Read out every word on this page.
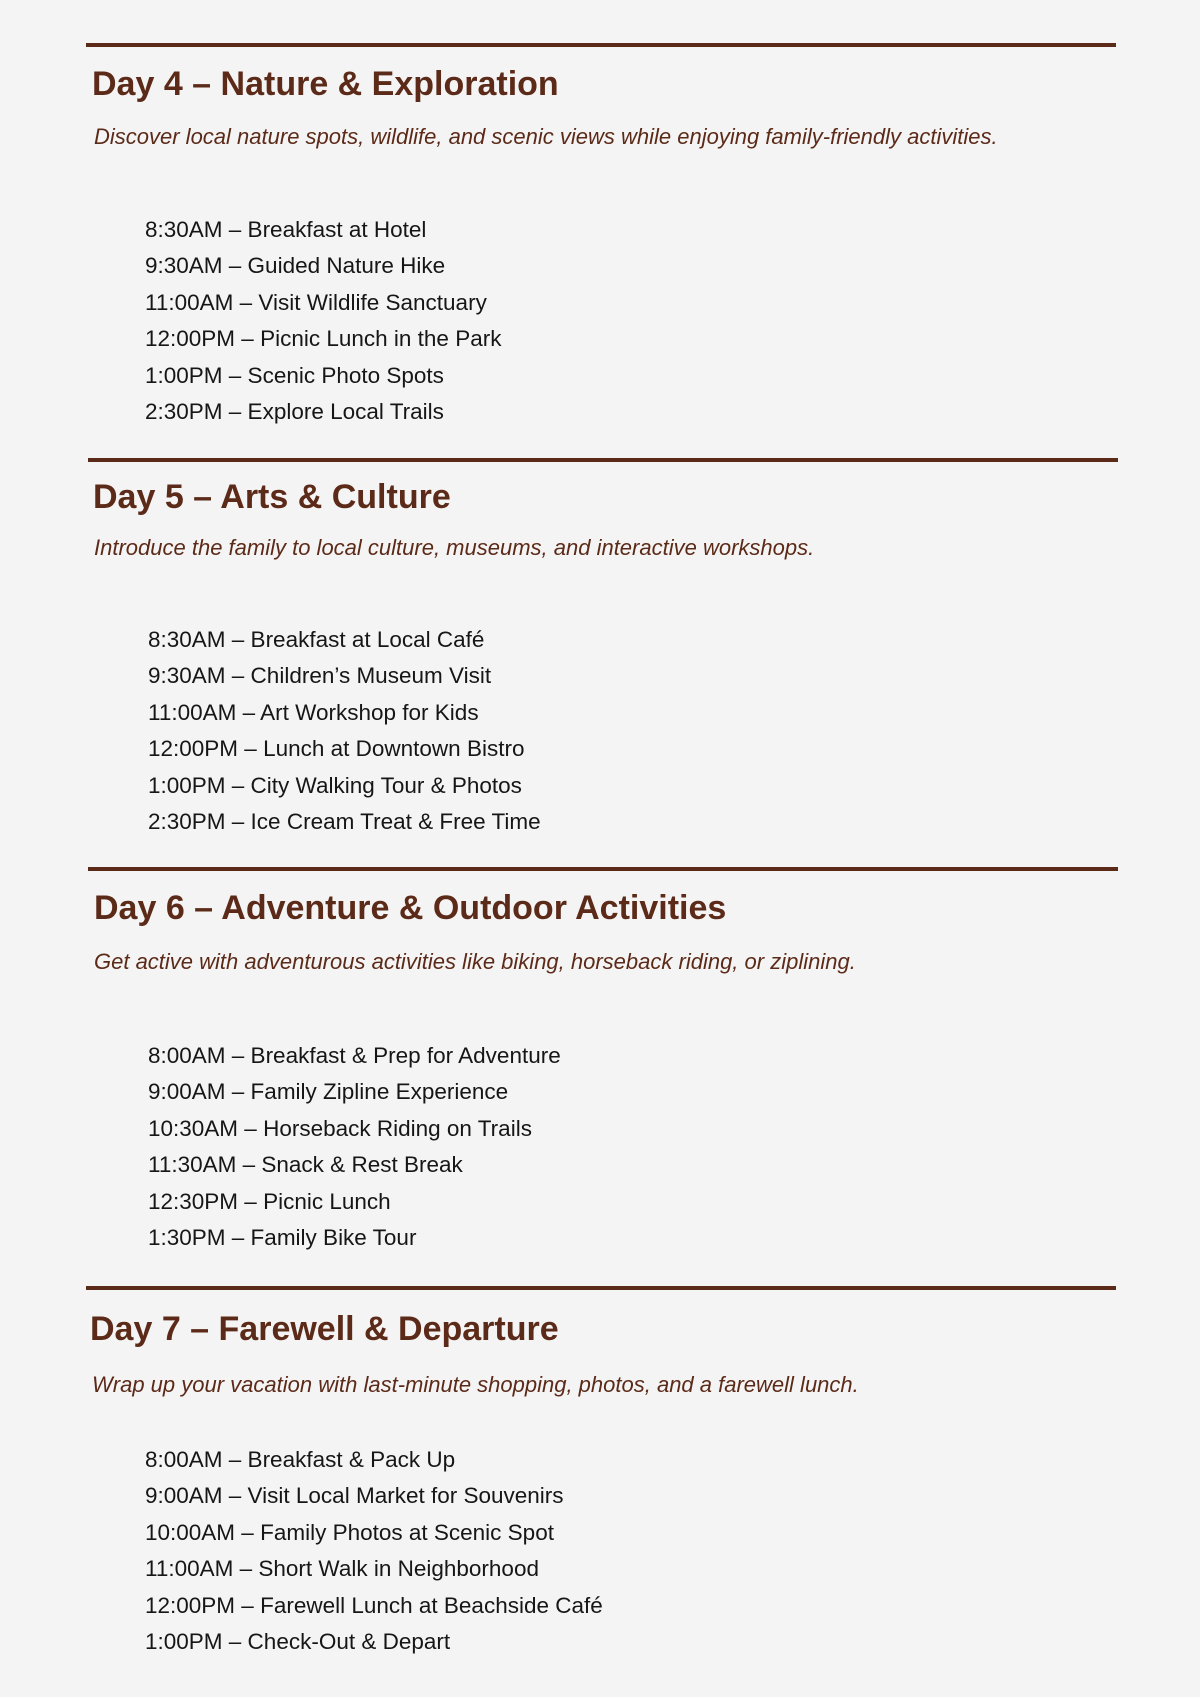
Day 4 – Nature & Exploration

Discover local nature spots, wildlife, and scenic views while enjoying family-friendly activities.

8:30AM – Breakfast at Hotel
9:30AM – Guided Nature Hike
11:00AM – Visit Wildlife Sanctuary
12:00PM – Picnic Lunch in the Park
1:00PM – Scenic Photo Spots
2:30PM – Explore Local Trails
Day 5 – Arts & Culture

Introduce the family to local culture, museums, and interactive workshops.

8:30AM – Breakfast at Local Café
9:30AM – Children’s Museum Visit
11:00AM – Art Workshop for Kids
12:00PM – Lunch at Downtown Bistro
1:00PM – City Walking Tour & Photos
2:30PM – Ice Cream Treat & Free Time
Day 6 – Adventure & Outdoor Activities

Get active with adventurous activities like biking, horseback riding, or ziplining.

8:00AM – Breakfast & Prep for Adventure
9:00AM – Family Zipline Experience
10:30AM – Horseback Riding on Trails
11:30AM – Snack & Rest Break
12:30PM – Picnic Lunch
1:30PM – Family Bike Tour
Day 7 – Farewell & Departure

Wrap up your vacation with last-minute shopping, photos, and a farewell lunch.

8:00AM – Breakfast & Pack Up
9:00AM – Visit Local Market for Souvenirs
10:00AM – Family Photos at Scenic Spot
11:00AM – Short Walk in Neighborhood
12:00PM – Farewell Lunch at Beachside Café
1:00PM – Check-Out & Depart
